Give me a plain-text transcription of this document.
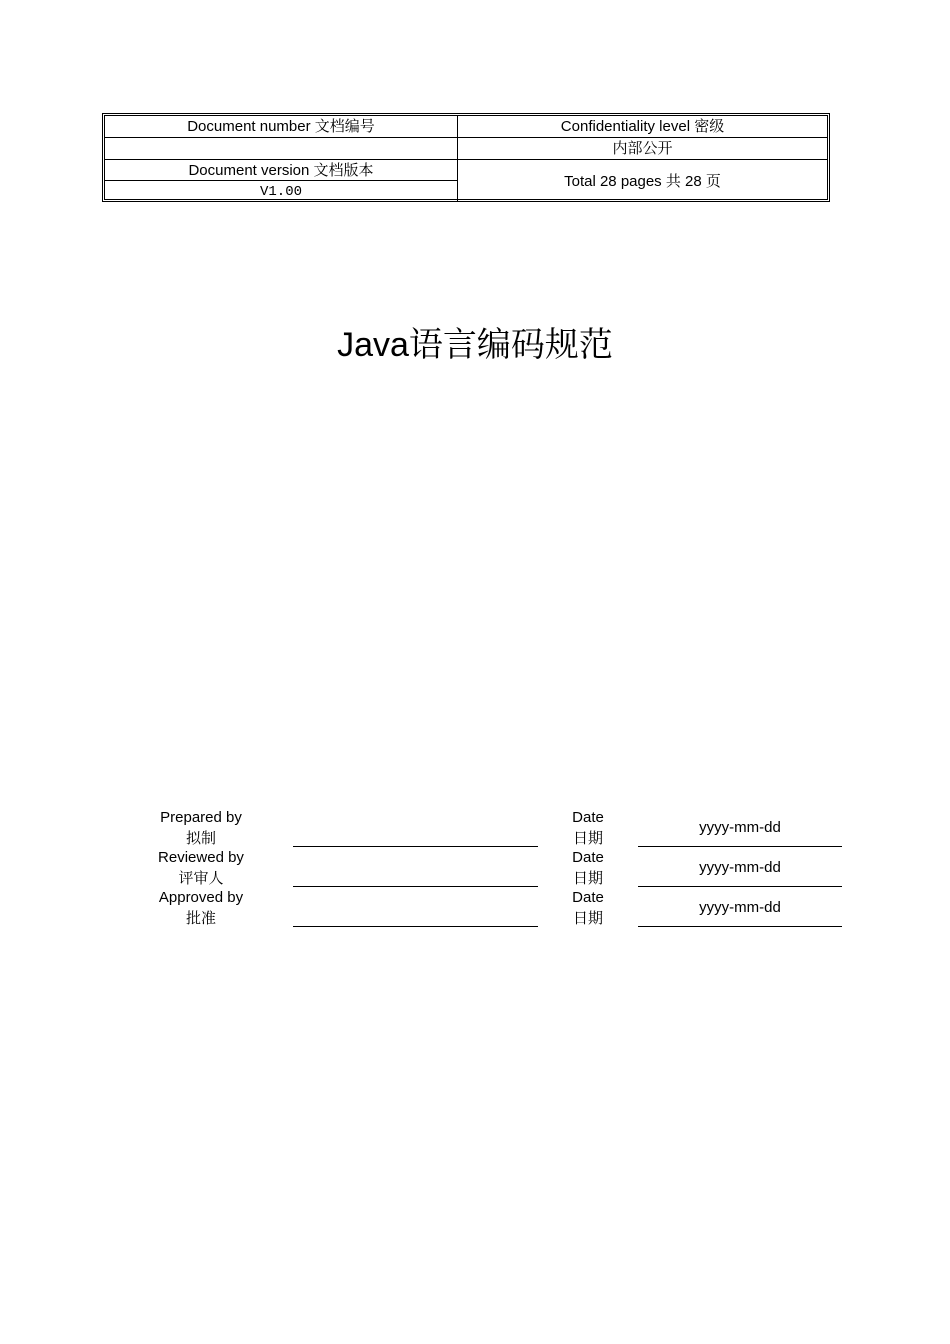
Document number 文档编号	Confidentiality level 密级
内部公开
Document version 文档版本
V1.00
Total 28 pages 共 28 页
Java语言编码规范
Prepared by
拟制
Date
日期
yyyy-mm-dd
Reviewed by
评审人
Date
日期
yyyy-mm-dd
Approved by
批准
Date
日期
yyyy-mm-dd
